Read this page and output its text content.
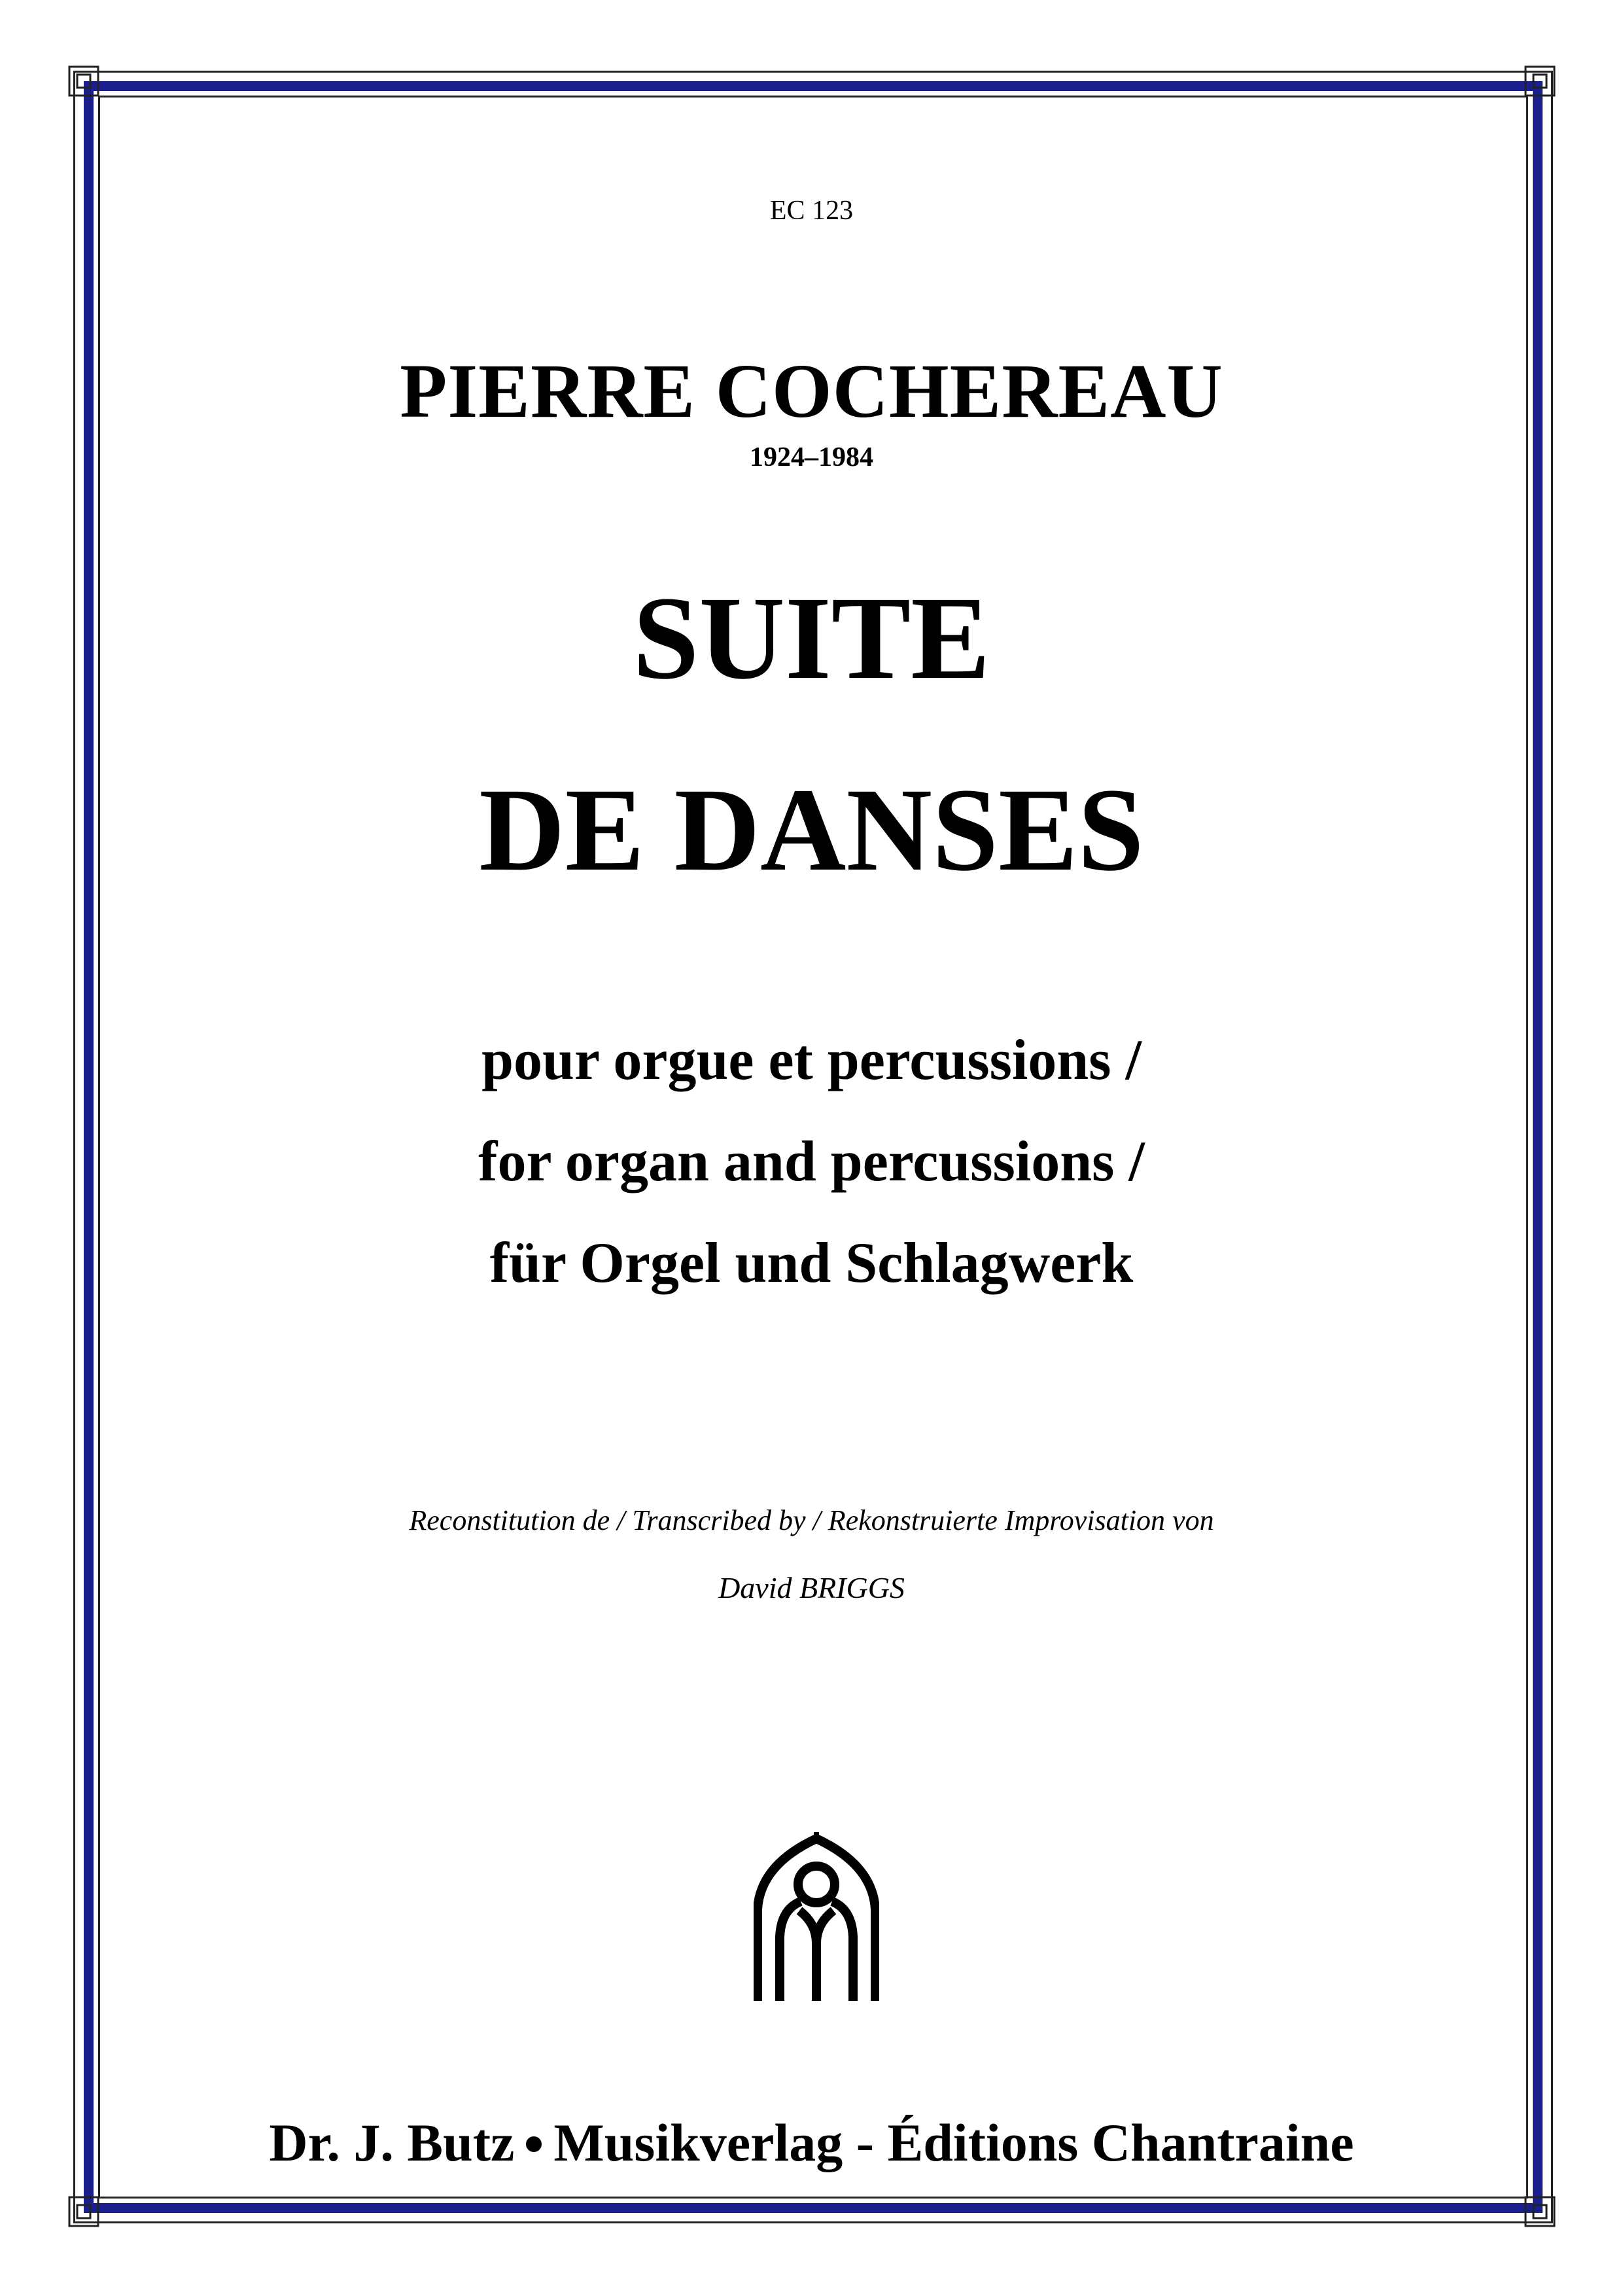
EC 123
PIERRE COCHEREAU
1924–1984
SUITE
DE DANSES
pour orgue et percussions /
for organ and percussions /
für Orgel und Schlagwerk
Reconstitution de / Transcribed by / Rekonstruierte Improvisation von
David BRIGGS
Dr. J. Butz Musikverlag - Éditions Chantraine
